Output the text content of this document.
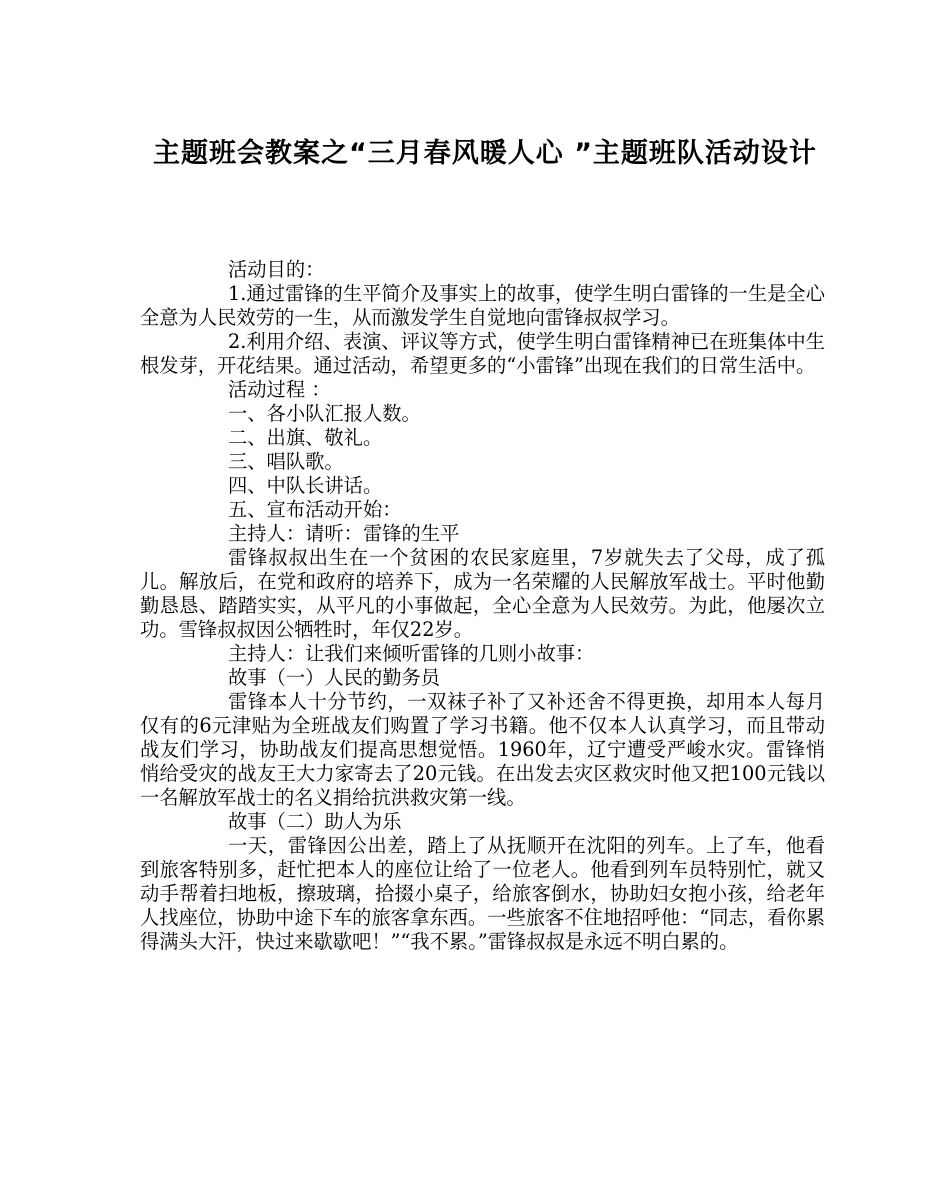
主题班会教案之“三月春风暖人心 ”主题班队活动设计

活动目的：

1.通过雷锋的生平简介及事实上的故事，使学生明白雷锋的一生是全心全意为人民效劳的一生，从而激发学生自觉地向雷锋叔叔学习。

2.利用介绍、表演、评议等方式，使学生明白雷锋精神已在班集体中生根发芽，开花结果。通过活动，希望更多的“小雷锋”出现在我们的日常生活中。

活动过程 ：

一、各小队汇报人数。

二、出旗、敬礼。

三、唱队歌。

四、中队长讲话。

五、宣布活动开始：

主持人：请听：雷锋的生平

雷锋叔叔出生在一个贫困的农民家庭里，7岁就失去了父母，成了孤儿。解放后，在党和政府的培养下，成为一名荣耀的人民解放军战士。平时他勤勤恳恳、踏踏实实，从平凡的小事做起，全心全意为人民效劳。为此，他屡次立功。雪锋叔叔因公牺牲时，年仅22岁。

主持人：让我们来倾听雷锋的几则小故事：

故事（一）人民的勤务员

雷锋本人十分节约，一双袜子补了又补还舍不得更换，却用本人每月仅有的6元津贴为全班战友们购置了学习书籍。他不仅本人认真学习，而且带动战友们学习，协助战友们提高思想觉悟。1960年，辽宁遭受严峻水灾。雷锋悄悄给受灾的战友王大力家寄去了20元钱。在出发去灾区救灾时他又把100元钱以一名解放军战士的名义捐给抗洪救灾第一线。

故事（二）助人为乐

一天，雷锋因公出差，踏上了从抚顺开在沈阳的列车。上了车，他看到旅客特别多，赶忙把本人的座位让给了一位老人。他看到列车员特别忙，就又动手帮着扫地板，擦玻璃，拾掇小桌子，给旅客倒水，协助妇女抱小孩，给老年人找座位，协助中途下车的旅客拿东西。一些旅客不住地招呼他：“同志，看你累得满头大汗，快过来歇歇吧！”“我不累。”雷锋叔叔是永远不明白累的。
